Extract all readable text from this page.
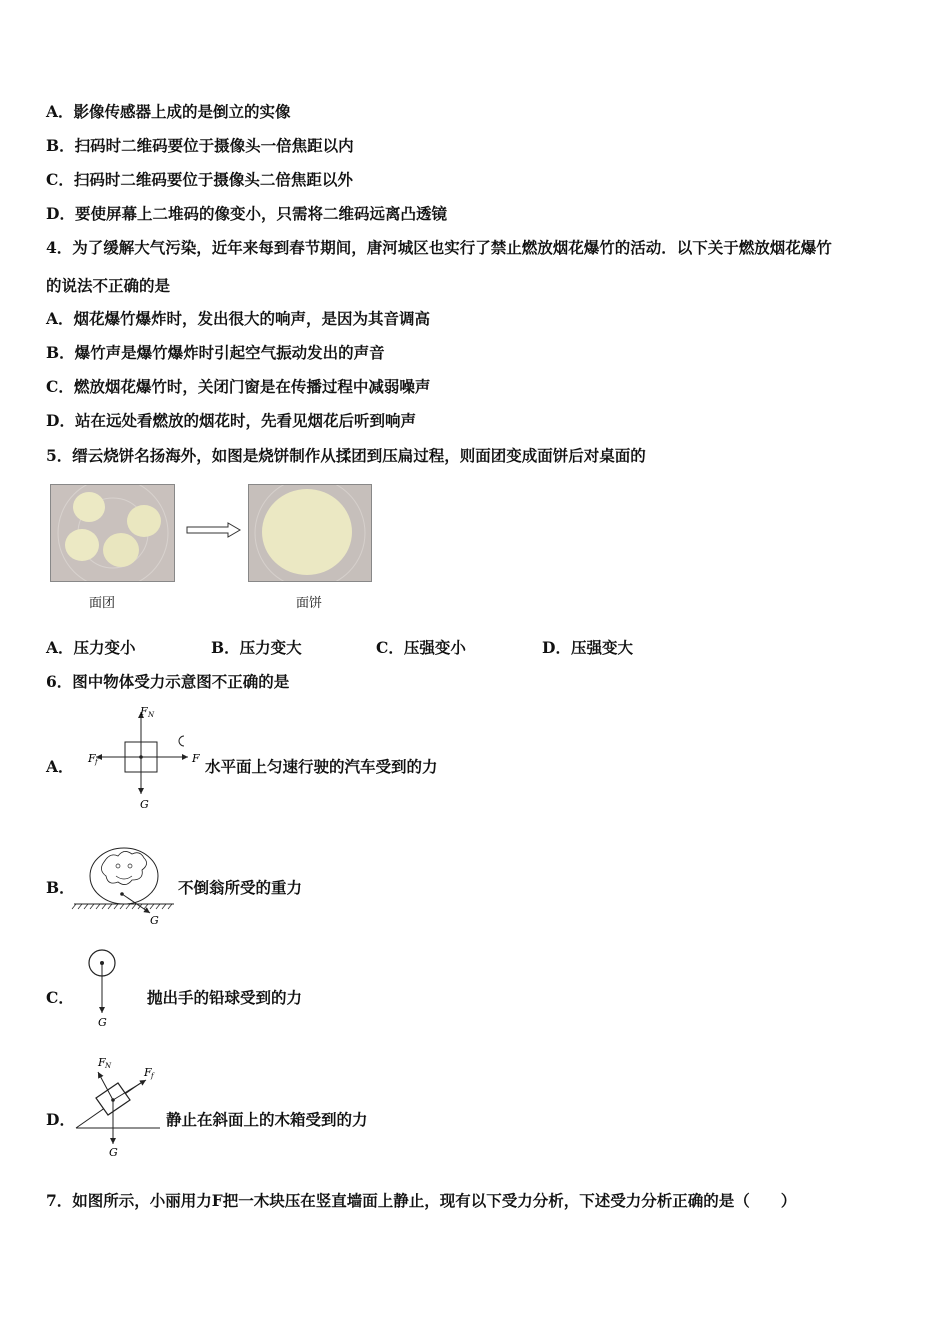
A．影像传感器上成的是倒立的实像
B．扫码时二维码要位于摄像头一倍焦距以内
C．扫码时二维码要位于摄像头二倍焦距以外
D．要使屏幕上二堆码的像变小，只需将二维码远离凸透镜
4．为了缓解大气污染，近年来每到春节期间，唐河城区也实行了禁止燃放烟花爆竹的活动．以下关于燃放烟花爆竹
的说法不正确的是
A．烟花爆竹爆炸时，发出很大的响声，是因为其音调高
B．爆竹声是爆竹爆炸时引起空气振动发出的声音
C．燃放烟花爆竹时，关闭门窗是在传播过程中减弱噪声
D．站在远处看燃放的烟花时，先看见烟花后听到响声
5．缙云烧饼名扬海外，如图是烧饼制作从揉团到压扁过程，则面团变成面饼后对桌面的
面团	面饼
A．压力变小	B．压力变大	C．压强变小	D．压强变大
6．图中物体受力示意图不正确的是
A．
F N
F f	F
G
水平面上匀速行驶的汽车受到的力
B．
G
不倒翁所受的重力
C．
G
抛出手的铅球受到的力
D．
F N	F f
G
静止在斜面上的木箱受到的力
7．如图所示，小丽用力F把一木块压在竖直墙面上静止，现有以下受力分析，下述受力分析正确的是（　　）
